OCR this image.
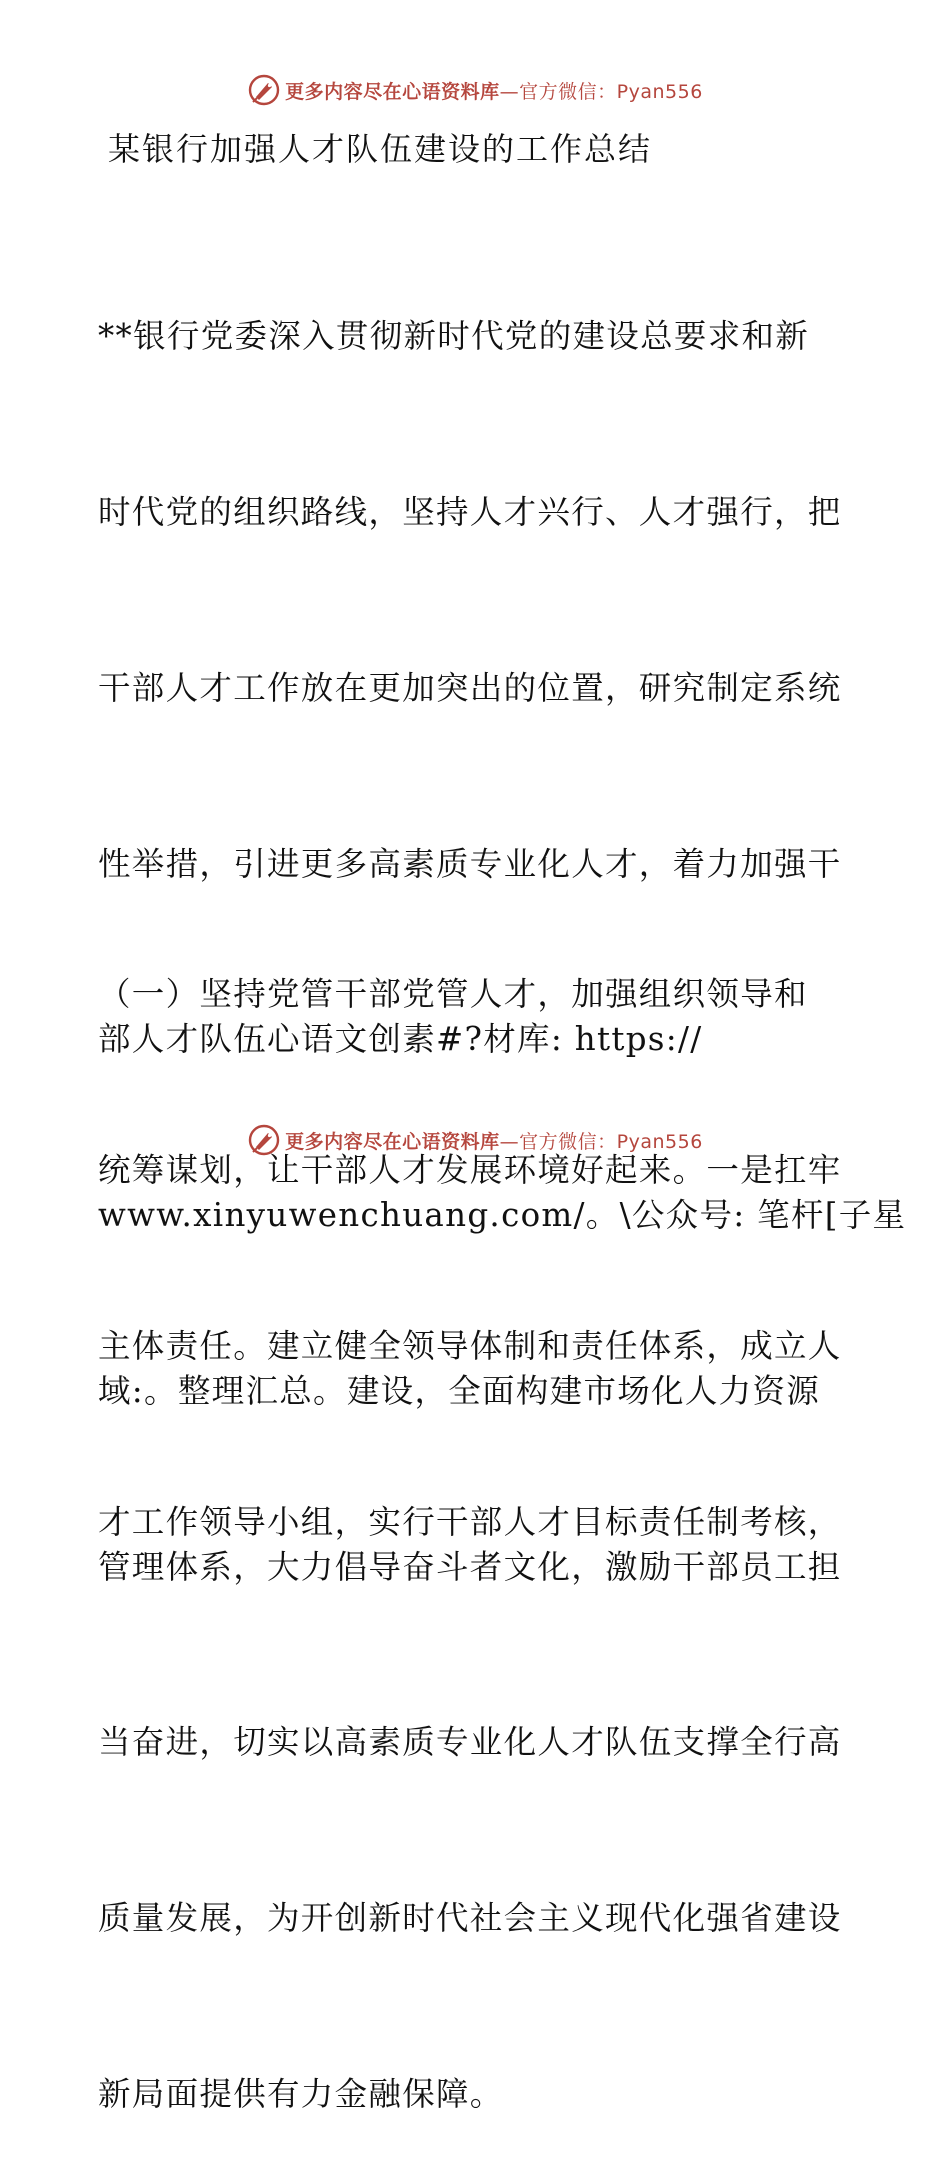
更多内容尽在心语资料库—官方微信：Pyan556
某银行加强人才队伍建设的工作总结

**银行党委深入贯彻新时代党的建设总要求和新

时代党的组织路线，坚持人才兴行、人才强行，把

干部人才工作放在更加突出的位置，研究制定系统

性举措，引进更多高素质专业化人才，着力加强干

部人才队伍心语文创素#?材库: https://

www.xinyuwenchuang.com/。\公众号: 笔杆[子星

域:。整理汇总。建设，全面构建市场化人力资源

管理体系，大力倡导奋斗者文化，激励干部员工担

当奋进，切实以高素质专业化人才队伍支撑全行高

质量发展，为开创新时代社会主义现代化强省建设

新局面提供有力金融保障。

（一）坚持党管干部党管人才，加强组织领导和

统筹谋划，让干部人才发展环境好起来。一是扛牢

主体责任。建立健全领导体制和责任体系，成立人

才工作领导小组，实行干部人才目标责任制考核，

更多内容尽在心语资料库—官方微信：Pyan556
